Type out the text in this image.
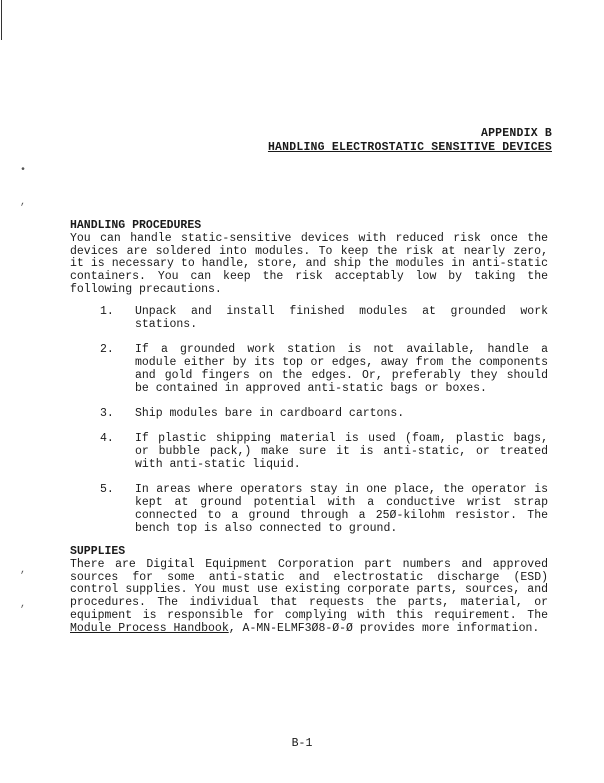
•
,
,
,
APPENDIX B
HANDLING ELECTROSTATIC SENSITIVE DEVICES
HANDLING PROCEDURES
You can handle static-sensitive devices with reduced risk once the devices are soldered into modules. To keep the risk at nearly zero, it is necessary to handle, store, and ship the modules in anti-static containers. You can keep the risk acceptably low by taking the following precautions.
1.	Unpack and install finished modules at grounded work stations.
2.	If a grounded work station is not available, handle a module either by its top or edges, away from the components and gold fingers on the edges. Or, preferably they should be contained in approved anti-static bags or boxes.
3.	Ship modules bare in cardboard cartons.
4.	If plastic shipping material is used (foam, plastic bags, or bubble pack,) make sure it is anti-static, or treated with anti-static liquid.
5.	In areas where operators stay in one place, the operator is kept at ground potential with a conductive wrist strap connected to a ground through a 25Ø-kilohm resistor. The bench top is also connected to ground.
SUPPLIES
There are Digital Equipment Corporation part numbers and approved sources for some anti-static and electrostatic discharge (ESD) control supplies. You must use existing corporate parts, sources, and procedures. The individual that requests the parts, material, or equipment is responsible for complying with this requirement. The Module Process Handbook, A-MN-ELMF3Ø8-Ø-Ø provides more information.
B-1
